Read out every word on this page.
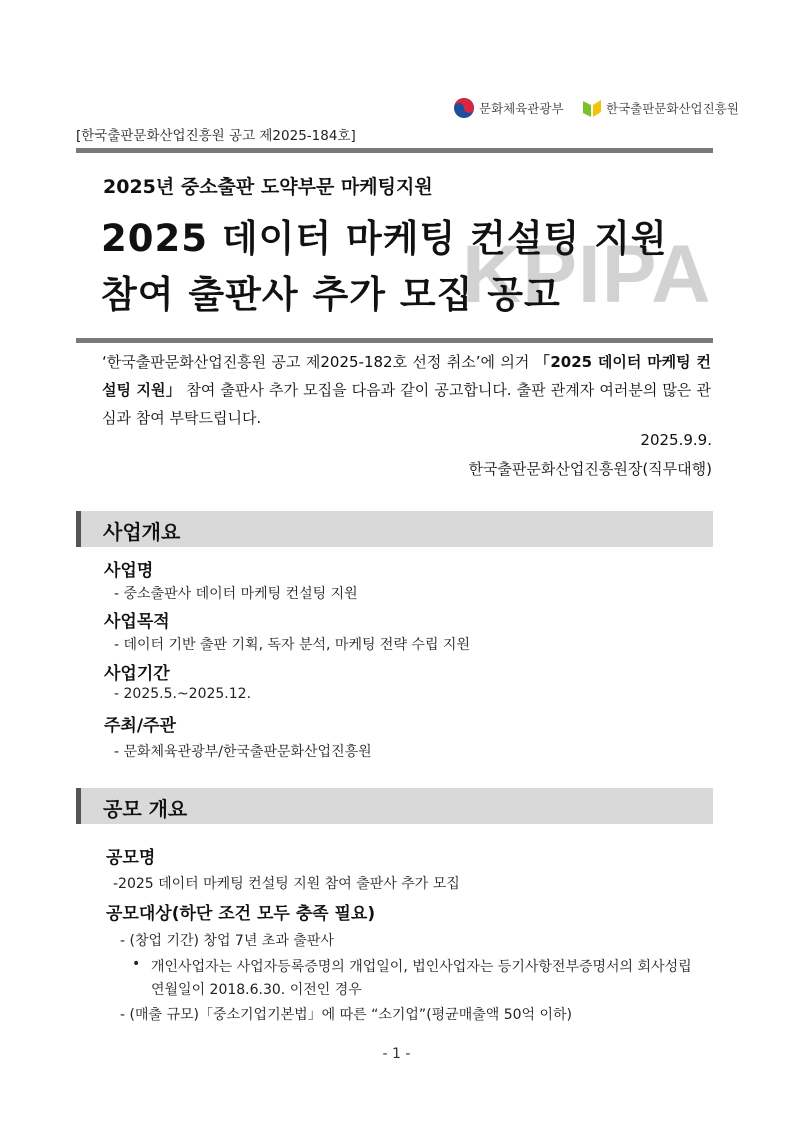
[한국출판문화산업진흥원 공고 제2025-184호]
문화체육관광부	한국출판문화산업진흥원
KPIPA
2025년 중소출판 도약부문 마케팅지원
2025 데이터 마케팅 컨설팅 지원
참여 출판사 추가 모집 공고
‘한국출판문화산업진흥원 공고 제2025-182호 선정 취소’에 의거 「2025 데이터 마케팅 컨설팅 지원」 참여 출판사 추가 모집을 다음과 같이 공고합니다. 출판 관계자 여러분의 많은 관심과 참여 부탁드립니다.
2025.9.9.
한국출판문화산업진흥원장(직무대행)
사업개요
사업명
- 중소출판사 데이터 마케팅 컨설팅 지원
사업목적
- 데이터 기반 출판 기획, 독자 분석, 마케팅 전략 수립 지원
사업기간
- 2025.5.~2025.12.
주최/주관
- 문화체육관광부/한국출판문화산업진흥원
공모 개요
공모명
-2025 데이터 마케팅 컨설팅 지원 참여 출판사 추가 모집
공모대상(하단 조건 모두 충족 필요)
- (창업 기간) 창업 7년 초과 출판사
• 개인사업자는 사업자등록증명의 개업일이, 법인사업자는 등기사항전부증명서의 회사성립
연월일이 2018.6.30. 이전인 경우
- (매출 규모)「중소기업기본법」에 따른 “소기업”(평균매출액 50억 이하)
- 1 -
